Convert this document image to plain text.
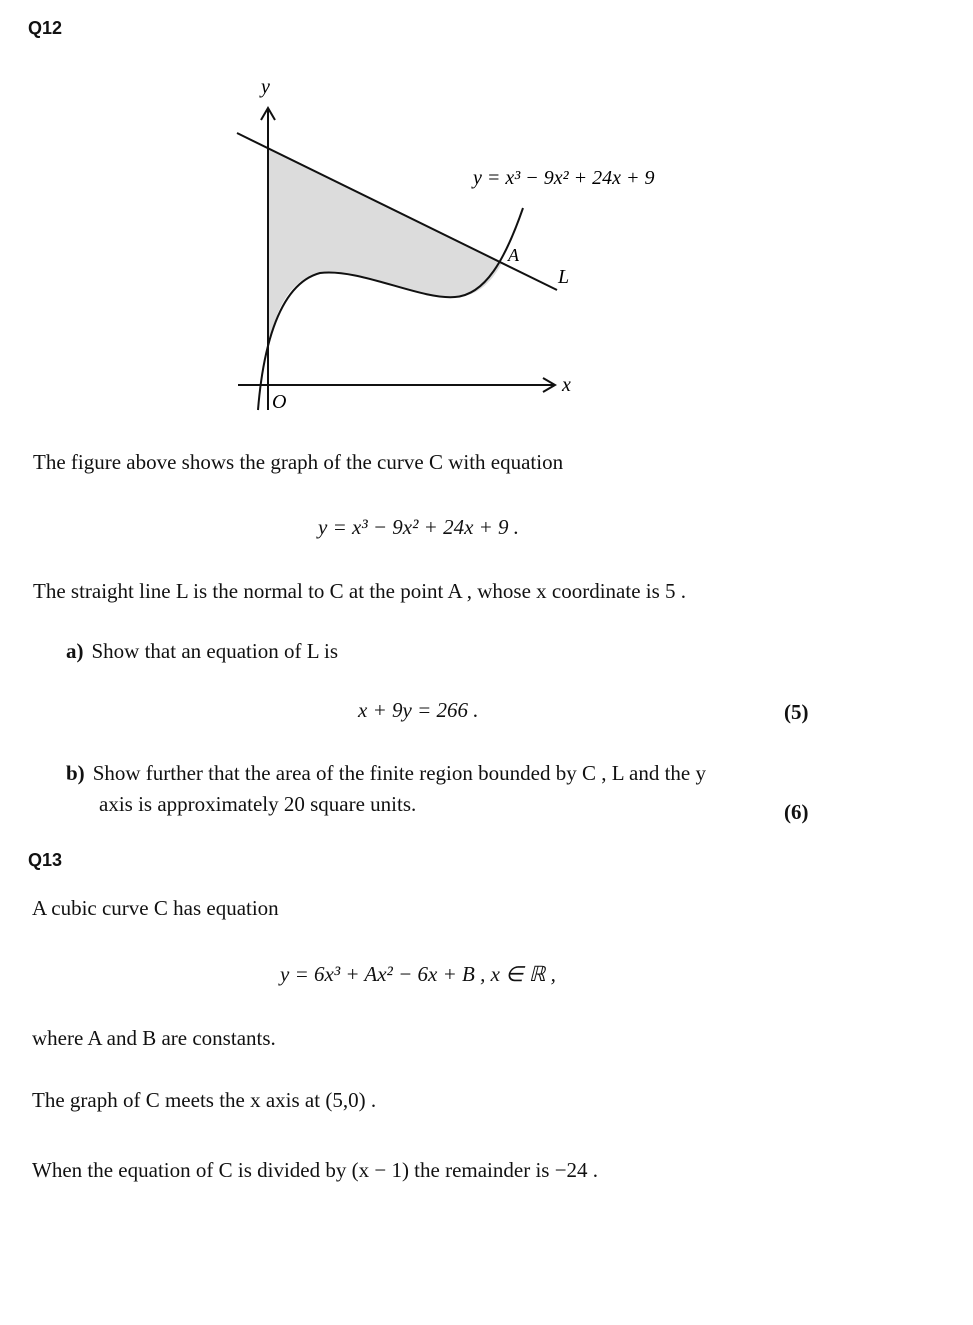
Q12
y
x
O
y = x³ − 9x² + 24x + 9
A
L
The figure above shows the graph of the curve C with equation
y = x³ − 9x² + 24x + 9 .
The straight line L is the normal to C at the point A , whose x coordinate is 5 .
a) Show that an equation of L is
x + 9y = 266 .	(5)
b) Show further that the area of the finite region bounded by C , L and the y
axis is approximately 20 square units.	(6)
Q13
A cubic curve C has equation
y = 6x³ + Ax² − 6x + B , x ∈ ℝ ,
where A and B are constants.
The graph of C meets the x axis at (5,0) .
When the equation of C is divided by (x − 1) the remainder is −24 .
